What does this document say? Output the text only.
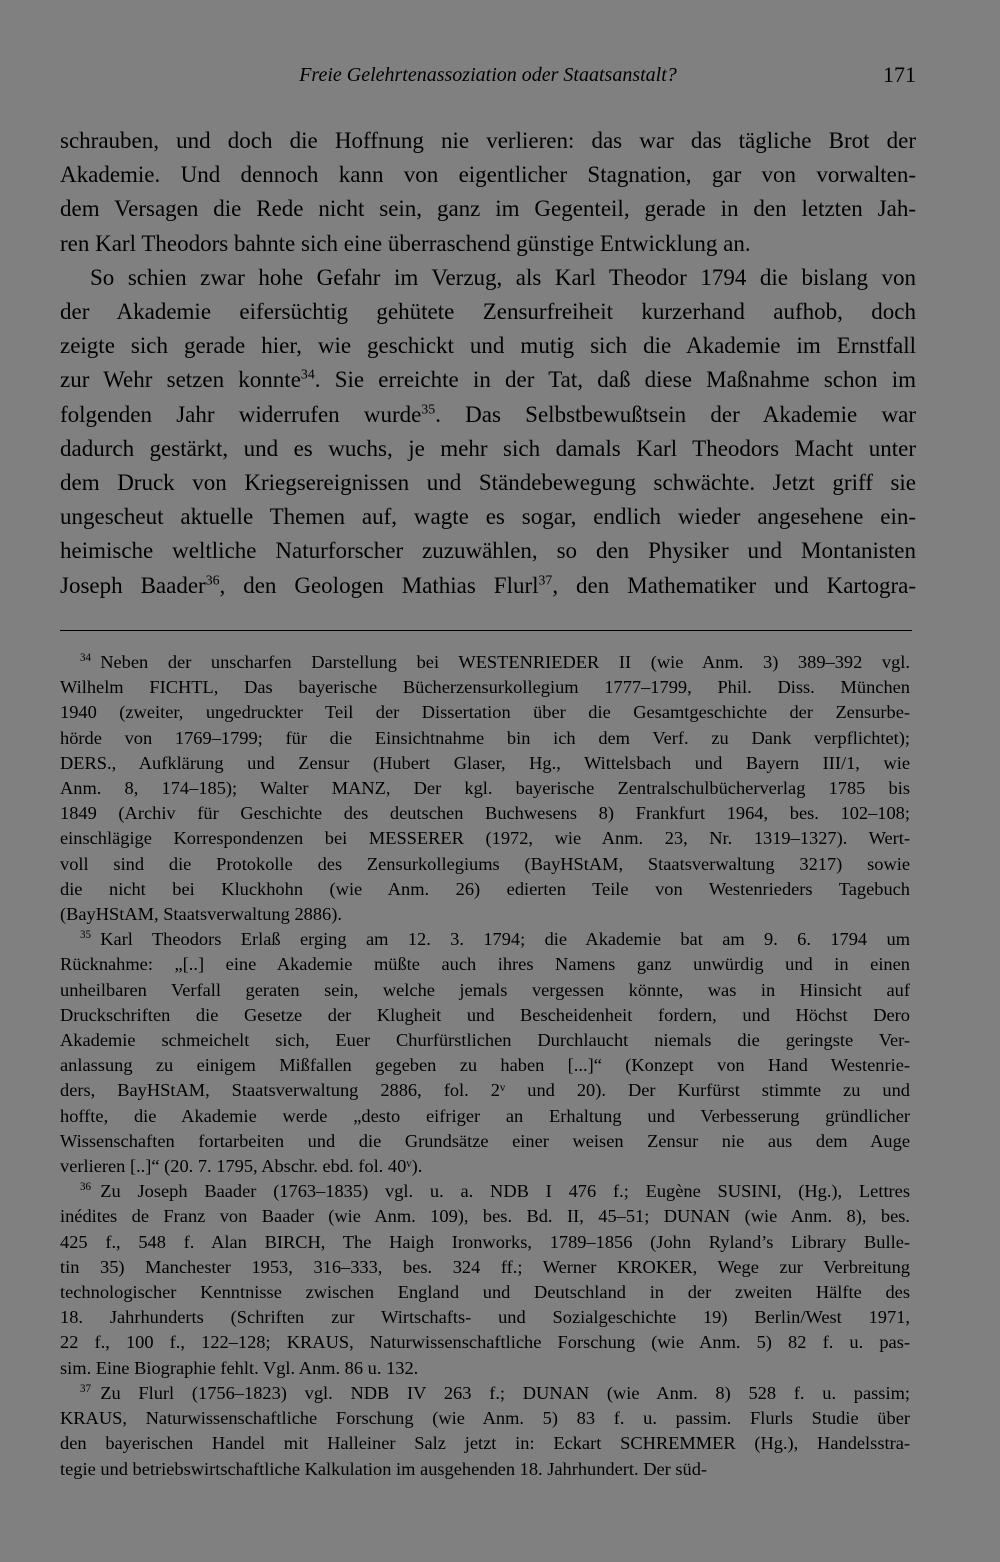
Freie Gelehrtenassoziation oder Staatsanstalt?	171
schrauben, und doch die Hoffnung nie verlieren: das war das tägliche Brot der
Akademie. Und dennoch kann von eigentlicher Stagnation, gar von vorwalten-
dem Versagen die Rede nicht sein, ganz im Gegenteil, gerade in den letzten Jah-
ren Karl Theodors bahnte sich eine überraschend günstige Entwicklung an.
So schien zwar hohe Gefahr im Verzug, als Karl Theodor 1794 die bislang von
der Akademie eifersüchtig gehütete Zensurfreiheit kurzerhand aufhob, doch
zeigte sich gerade hier, wie geschickt und mutig sich die Akademie im Ernstfall
zur Wehr setzen konnte$^{34}$. Sie erreichte in der Tat, daß diese Maßnahme schon im
folgenden Jahr widerrufen wurde$^{35}$. Das Selbstbewußtsein der Akademie war
dadurch gestärkt, und es wuchs, je mehr sich damals Karl Theodors Macht unter
dem Druck von Kriegsereignissen und Ständebewegung schwächte. Jetzt griff sie
ungescheut aktuelle Themen auf, wagte es sogar, endlich wieder angesehene ein-
heimische weltliche Naturforscher zuzuwählen, so den Physiker und Montanisten
Joseph Baader$^{36}$, den Geologen Mathias Flurl$^{37}$, den Mathematiker und Kartogra-
$^{34}$  Neben der unscharfen Darstellung bei WESTENRIEDER II (wie Anm. 3) 389–392 vgl.
Wilhelm FICHTL, Das bayerische Bücherzensurkollegium 1777–1799, Phil. Diss. München
1940 (zweiter, ungedruckter Teil der Dissertation über die Gesamtgeschichte der Zensurbe-
hörde von 1769–1799; für die Einsichtnahme bin ich dem Verf. zu Dank verpflichtet);
DERS., Aufklärung und Zensur (Hubert Glaser, Hg., Wittelsbach und Bayern III/1, wie
Anm. 8, 174–185); Walter MANZ, Der kgl. bayerische Zentralschulbücherverlag 1785 bis
1849 (Archiv für Geschichte des deutschen Buchwesens 8) Frankfurt 1964, bes. 102–108;
einschlägige Korrespondenzen bei MESSERER (1972, wie Anm. 23, Nr. 1319–1327). Wert-
voll sind die Protokolle des Zensurkollegiums (BayHStAM, Staatsverwaltung 3217) sowie
die nicht bei Kluckhohn (wie Anm. 26) edierten Teile von Westenrieders Tagebuch
(BayHStAM, Staatsverwaltung 2886).
$^{35}$  Karl Theodors Erlaß erging am 12. 3. 1794; die Akademie bat am 9. 6. 1794 um
Rücknahme: „[..] eine Akademie müßte auch ihres Namens ganz unwürdig und in einen
unheilbaren Verfall geraten sein, welche jemals vergessen könnte, was in Hinsicht auf
Druckschriften die Gesetze der Klugheit und Bescheidenheit fordern, und Höchst Dero
Akademie schmeichelt sich, Euer Churfürstlichen Durchlaucht niemals die geringste Ver-
anlassung zu einigem Mißfallen gegeben zu haben [...]“ (Konzept von Hand Westenrie-
ders, BayHStAM, Staatsverwaltung 2886, fol. 2ᵛ und 20). Der Kurfürst stimmte zu und
hoffte, die Akademie werde „desto eifriger an Erhaltung und Verbesserung gründlicher
Wissenschaften fortarbeiten und die Grundsätze einer weisen Zensur nie aus dem Auge
verlieren [..]“ (20. 7. 1795, Abschr. ebd. fol. 40ᵛ).
$^{36}$  Zu Joseph Baader (1763–1835) vgl. u. a. NDB I 476 f.; Eugène SUSINI, (Hg.), Lettres
inédites de Franz von Baader (wie Anm. 109), bes. Bd. II, 45–51; DUNAN (wie Anm. 8), bes.
425 f., 548 f. Alan BIRCH, The Haigh Ironworks, 1789–1856 (John Ryland’s Library Bulle-
tin 35) Manchester 1953, 316–333, bes. 324 ff.; Werner KROKER, Wege zur Verbreitung
technologischer Kenntnisse zwischen England und Deutschland in der zweiten Hälfte des
18. Jahrhunderts (Schriften zur Wirtschafts- und Sozialgeschichte 19) Berlin/West 1971,
22 f., 100 f., 122–128; KRAUS, Naturwissenschaftliche Forschung (wie Anm. 5) 82 f. u. pas-
sim. Eine Biographie fehlt. Vgl. Anm. 86 u. 132.
$^{37}$  Zu Flurl (1756–1823) vgl. NDB IV 263 f.; DUNAN (wie Anm. 8) 528 f. u. passim;
KRAUS, Naturwissenschaftliche Forschung (wie Anm. 5) 83 f. u. passim. Flurls Studie über
den bayerischen Handel mit Halleiner Salz jetzt in: Eckart SCHREMMER (Hg.), Handelsstra-
tegie und betriebswirtschaftliche Kalkulation im ausgehenden 18. Jahrhundert. Der süd-
